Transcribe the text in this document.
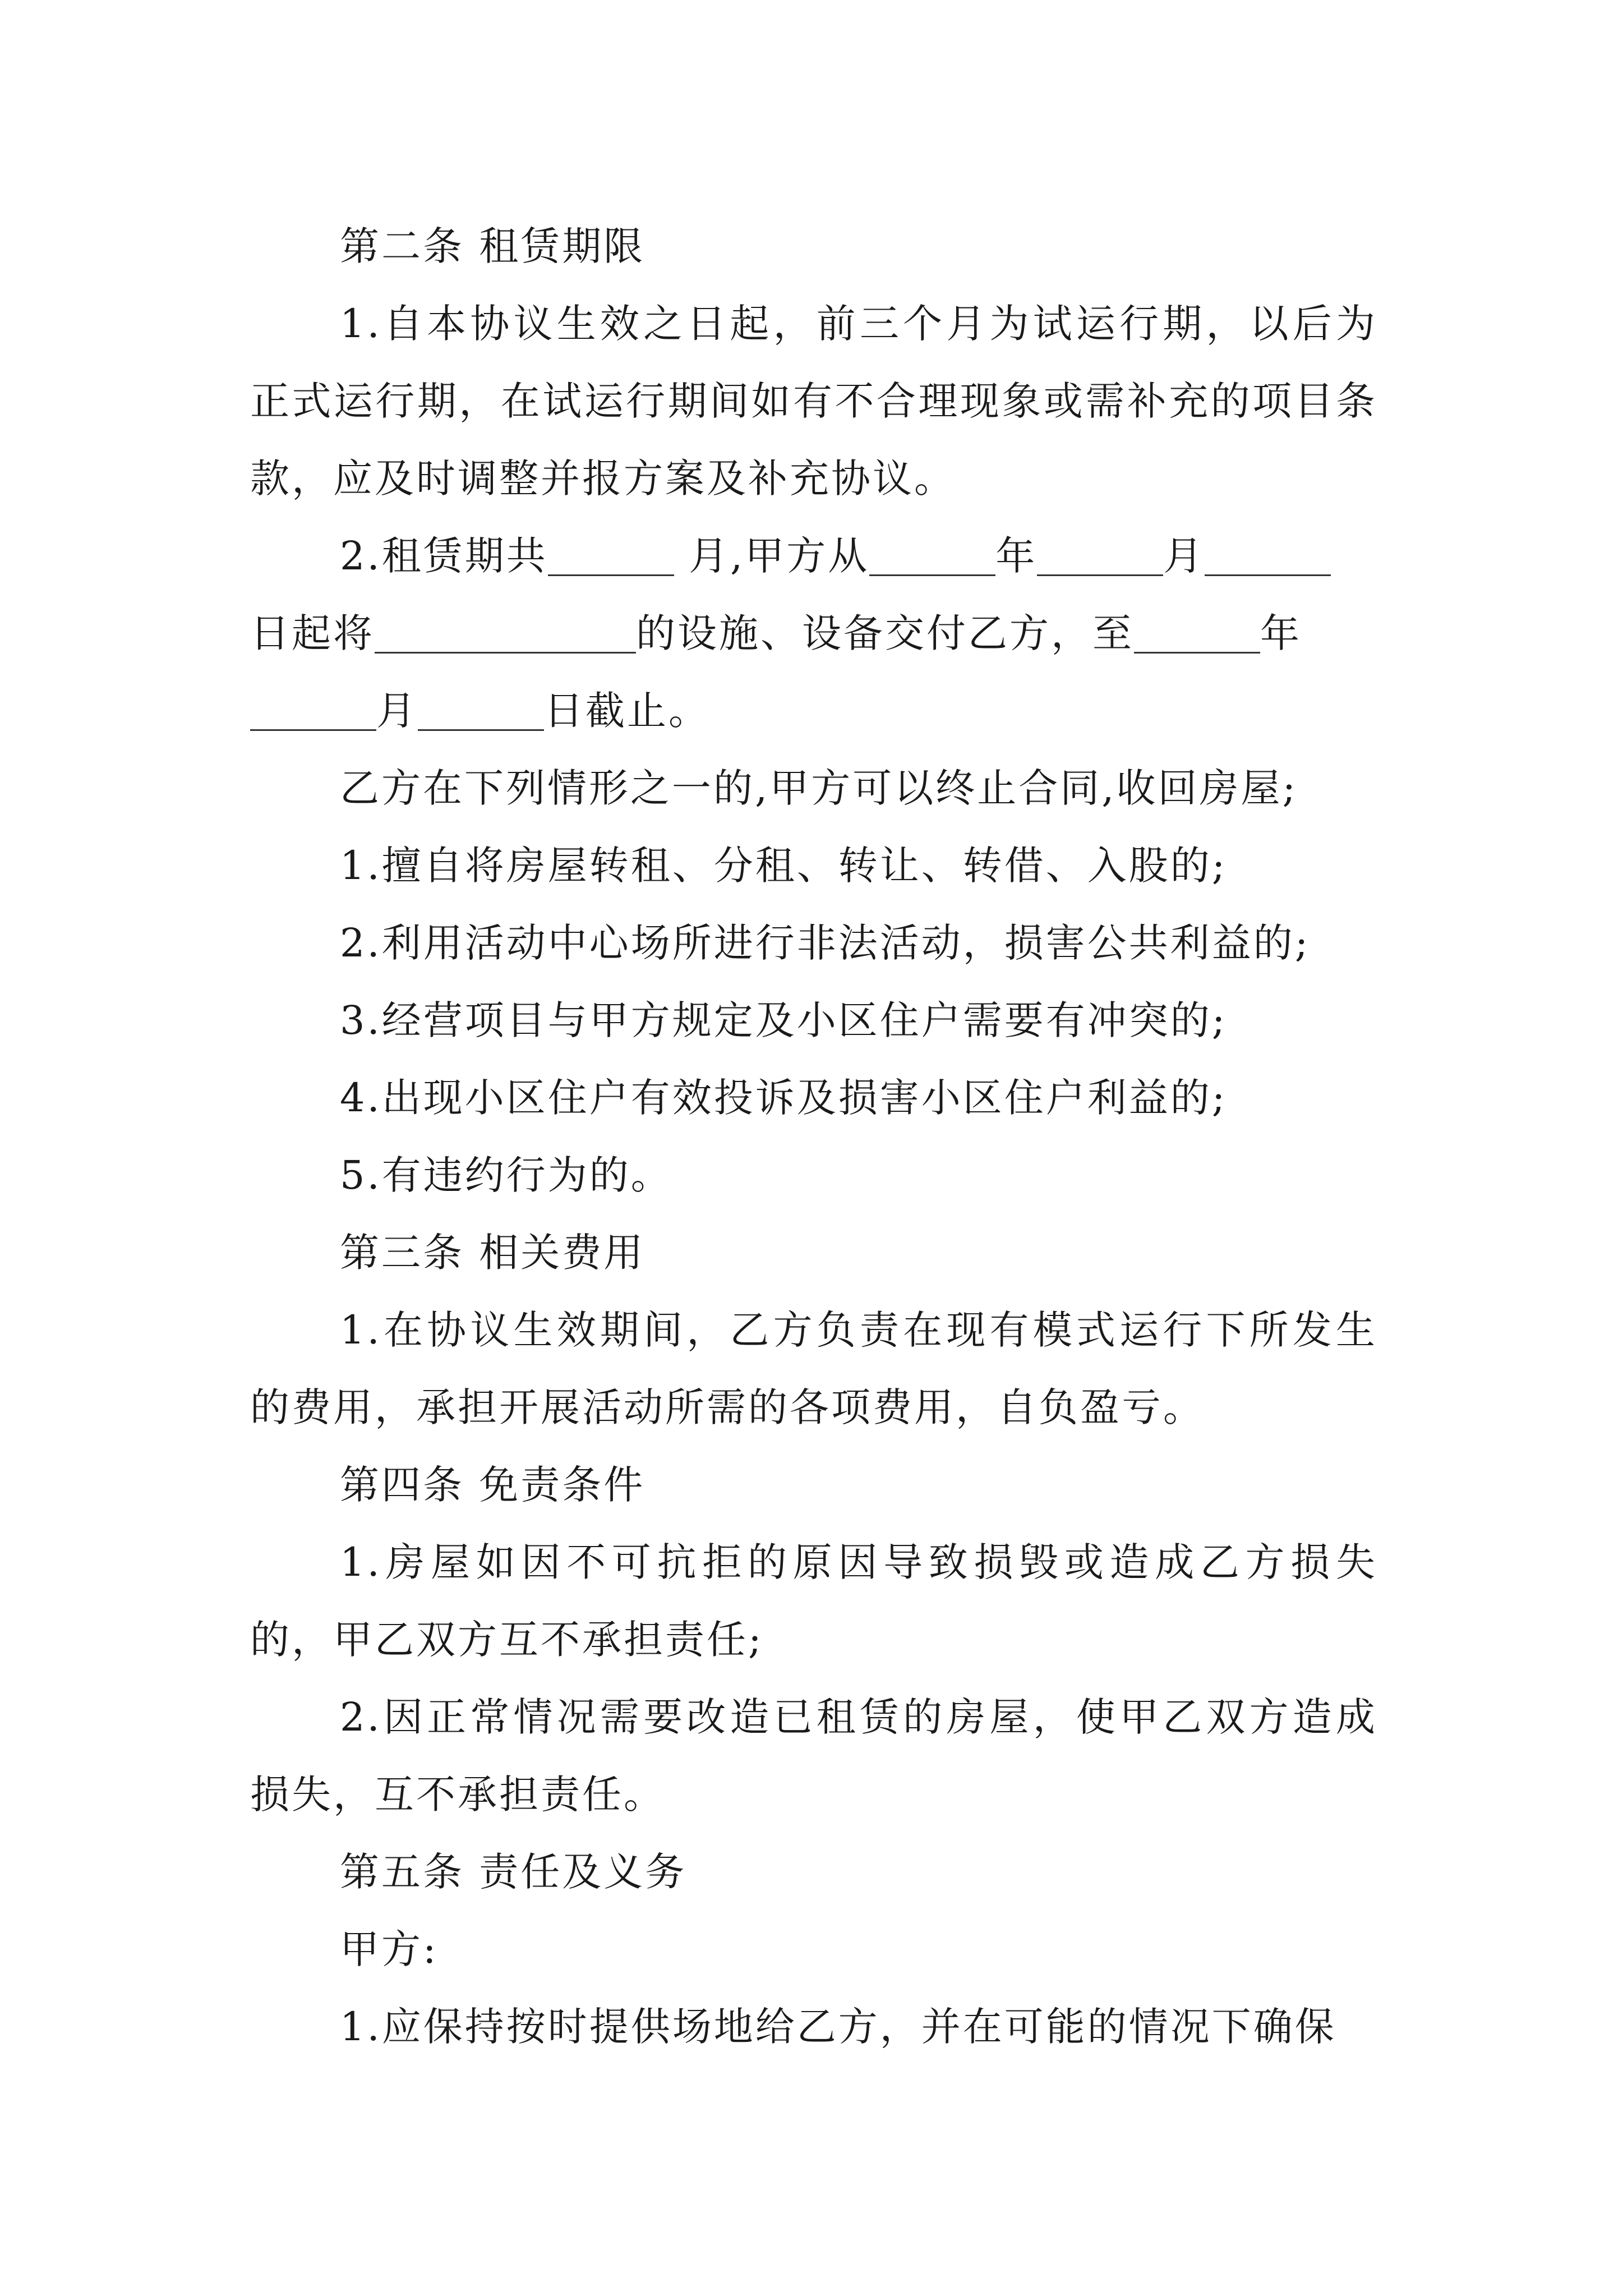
第二条 租赁期限

1.自本协议生效之日起，前三个月为试运行期，以后为正式运行期，在试运行期间如有不合理现象或需补充的项目条款，应及时调整并报方案及补充协议。

2.租赁期共	月,甲方从	年	月

日起将	的设施、设备交付乙方，至	年

月	日截止。

乙方在下列情形之一的,甲方可以终止合同,收回房屋;

1.擅自将房屋转租、分租、转让、转借、入股的;

2.利用活动中心场所进行非法活动，损害公共利益的;

3.经营项目与甲方规定及小区住户需要有冲突的;

4.出现小区住户有效投诉及损害小区住户利益的;

5.有违约行为的。

第三条 相关费用

1.在协议生效期间，乙方负责在现有模式运行下所发生的费用，承担开展活动所需的各项费用，自负盈亏。

第四条 免责条件

1.房屋如因不可抗拒的原因导致损毁或造成乙方损失的，甲乙双方互不承担责任;

2.因正常情况需要改造已租赁的房屋，使甲乙双方造成损失，互不承担责任。

第五条 责任及义务

甲方:

1.应保持按时提供场地给乙方，并在可能的情况下确保
